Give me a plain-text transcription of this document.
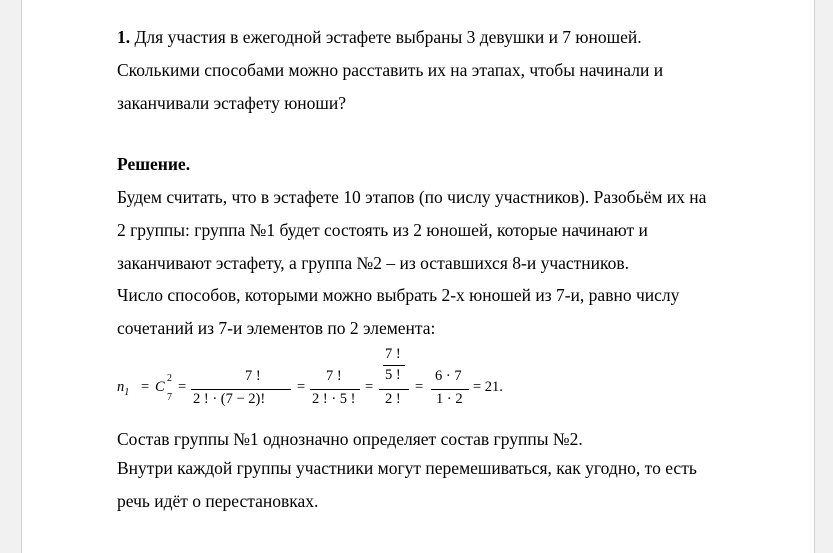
1. Для участия в ежегодной эстафете выбраны 3 девушки и 7 юношей.

Сколькими способами можно расставить их на этапах, чтобы начинали и

заканчивали эстафету юноши?

Решение.

Будем считать, что в эстафете 10 этапов (по числу участников). Разобьём их на

2 группы: группа №1 будет состоять из 2 юношей, которые начинают и

заканчивают эстафету, а группа №2 – из оставшихся 8-и участников.

Число способов, которыми можно выбрать 2-х юношей из 7-и, равно числу

сочетаний из 7-и элементов по 2 элемента:

$n_1 = C$
2
7
=
7 !
2 ! · (7 − 2)!
=
7 !
2 ! · 5 !
=
7 !
5 !
2 !
=
6 · 7
1 · 2
= 21.

Состав группы №1 однозначно определяет состав группы №2.

Внутри каждой группы участники могут перемешиваться, как угодно, то есть

речь идёт о перестановках.
